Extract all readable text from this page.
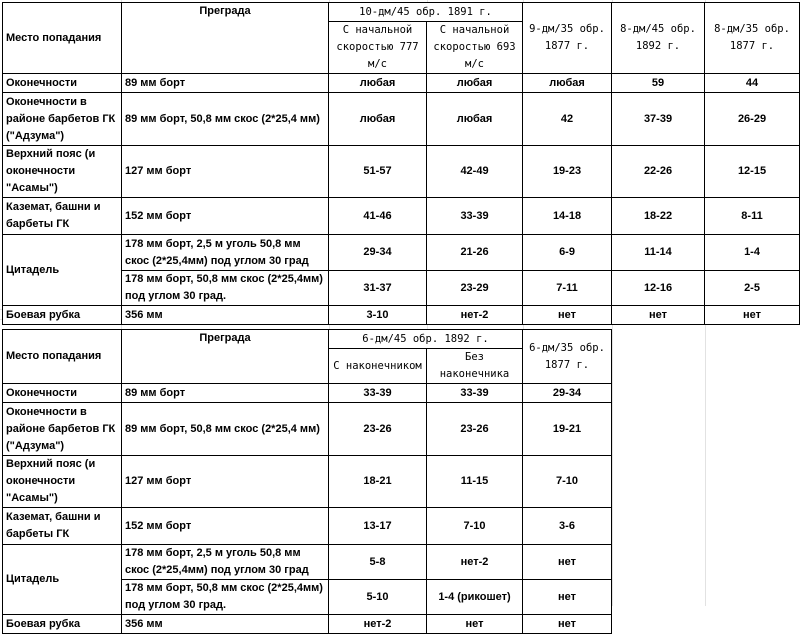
Место попадания	Преграда	10-дм/45 обр. 1891 г.		9-дм/35 обр. 1877 г.	8-дм/45 обр. 1892 г.	8-дм/35 обр. 1877 г.
		С начальной скоростью 777 м/с	С начальной скоростью 693 м/с			
Оконечности	89 мм борт	любая	любая	любая	59	44
Оконечности в районе барбетов ГК ("Адзума")	89 мм борт, 50,8 мм скос (2*25,4 мм)	любая	любая	42	37-39	26-29
Верхний пояс (и оконечности "Асамы")	127 мм борт	51-57	42-49	19-23	22-26	12-15
Каземат, башни и барбеты ГК	152 мм борт	41-46	33-39	14-18	18-22	8-11
Цитадель	178 мм борт, 2,5 м уголь 50,8 мм скос (2*25,4мм) под углом 30 град	29-34	21-26	6-9	11-14	1-4
	178 мм борт, 50,8 мм скос (2*25,4мм) под углом 30 град.	31-37	23-29	7-11	12-16	2-5
Боевая рубка	356 мм	3-10	нет-2	нет	нет	нет
Место попадания	Преграда	6-дм/45 обр. 1892 г.		6-дм/35 обр. 1877 г.
		С наконечником	Без наконечника	
Оконечности	89 мм борт	33-39	33-39	29-34
Оконечности в районе барбетов ГК ("Адзума")	89 мм борт, 50,8 мм скос (2*25,4 мм)	23-26	23-26	19-21
Верхний пояс (и оконечности "Асамы")	127 мм борт	18-21	11-15	7-10
Каземат, башни и барбеты ГК	152 мм борт	13-17	7-10	3-6
Цитадель	178 мм борт, 2,5 м уголь 50,8 мм скос (2*25,4мм) под углом 30 град	5-8	нет-2	нет
	178 мм борт, 50,8 мм скос (2*25,4мм) под углом 30 град.	5-10	1-4 (рикошет)	нет
Боевая рубка	356 мм	нет-2	нет	нет
